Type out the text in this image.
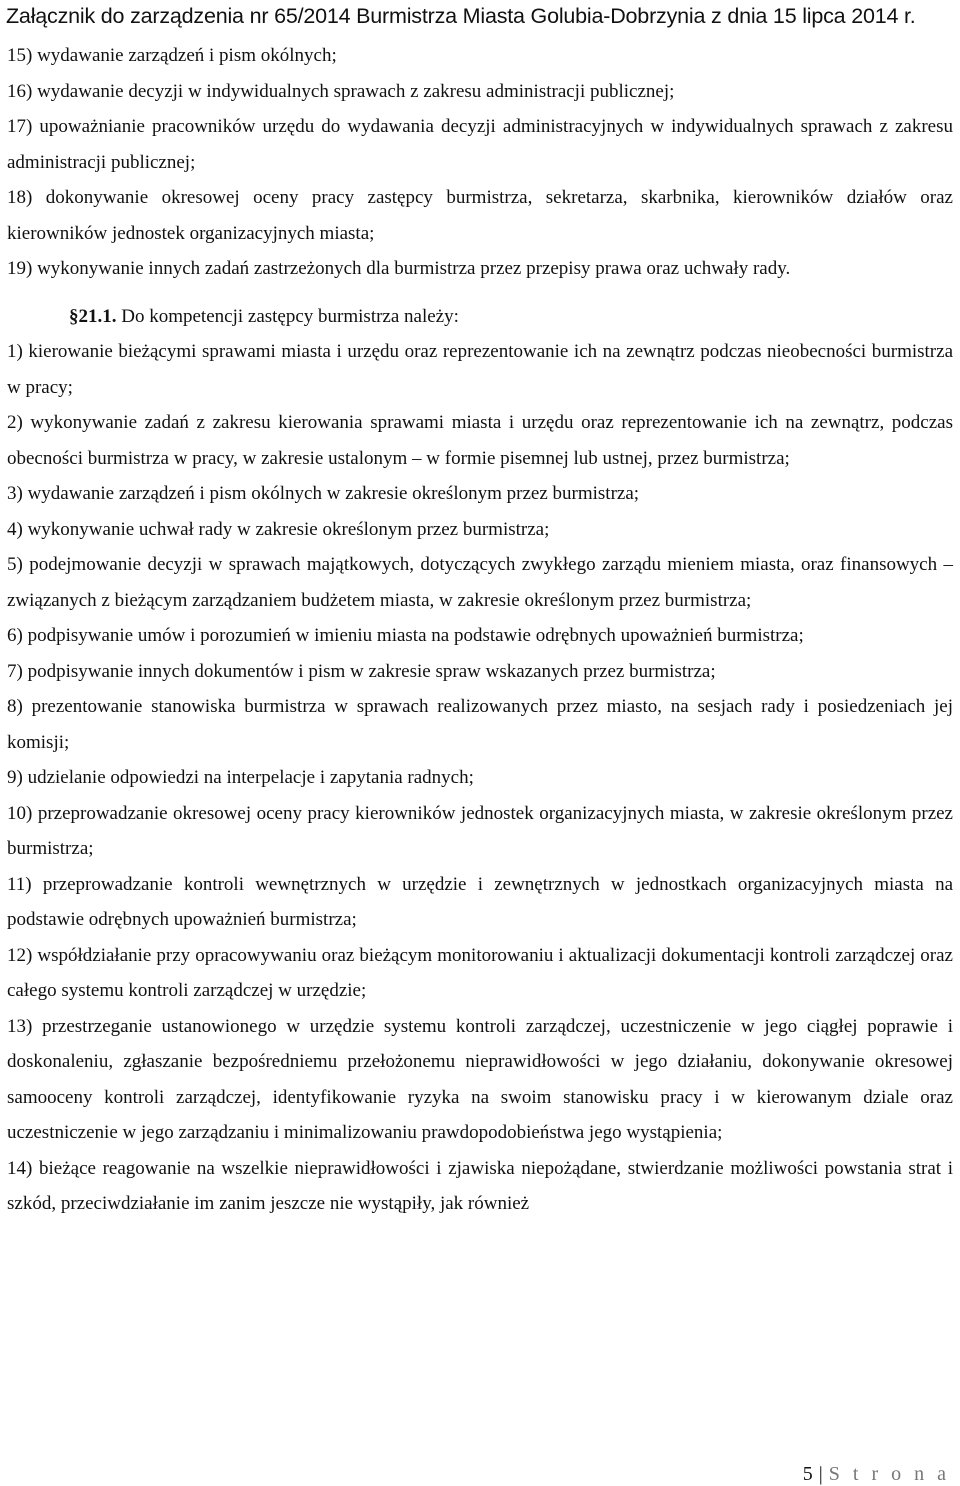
Załącznik do zarządzenia nr 65/2014 Burmistrza Miasta Golubia-Dobrzynia z dnia 15 lipca 2014 r.

15) wydawanie zarządzeń i pism okólnych;

16) wydawanie decyzji w indywidualnych sprawach z zakresu administracji publicznej;

17) upoważnianie pracowników urzędu do wydawania decyzji administracyjnych w indywidualnych sprawach z zakresu administracji publicznej;

18) dokonywanie okresowej oceny pracy zastępcy burmistrza, sekretarza, skarbnika, kierowników działów oraz kierowników jednostek organizacyjnych miasta;

19) wykonywanie innych zadań zastrzeżonych dla burmistrza przez przepisy prawa oraz uchwały rady.

§21.1. Do kompetencji zastępcy burmistrza należy:

1) kierowanie bieżącymi sprawami miasta i urzędu oraz reprezentowanie ich na zewnątrz podczas nieobecności burmistrza w pracy;

2) wykonywanie zadań z zakresu kierowania sprawami miasta i urzędu oraz reprezentowanie ich na zewnątrz, podczas obecności burmistrza w pracy, w zakresie ustalonym – w formie pisemnej lub ustnej, przez burmistrza;

3) wydawanie zarządzeń i pism okólnych w zakresie określonym przez burmistrza;

4) wykonywanie uchwał rady w zakresie określonym przez burmistrza;

5) podejmowanie decyzji w sprawach majątkowych, dotyczących zwykłego zarządu mieniem miasta, oraz finansowych – związanych z bieżącym zarządzaniem budżetem miasta, w zakresie określonym przez burmistrza;

6) podpisywanie umów i porozumień w imieniu miasta na podstawie odrębnych upoważnień burmistrza;

7) podpisywanie innych dokumentów i pism w zakresie spraw wskazanych przez burmistrza;

8) prezentowanie stanowiska burmistrza w sprawach realizowanych przez miasto, na sesjach rady i posiedzeniach jej komisji;

9) udzielanie odpowiedzi na interpelacje i zapytania radnych;

10) przeprowadzanie okresowej oceny pracy kierowników jednostek organizacyjnych miasta, w zakresie określonym przez burmistrza;

11) przeprowadzanie kontroli wewnętrznych w urzędzie i zewnętrznych w jednostkach organizacyjnych miasta na podstawie odrębnych upoważnień burmistrza;

12) współdziałanie przy opracowywaniu oraz bieżącym monitorowaniu i aktualizacji dokumentacji kontroli zarządczej oraz całego systemu kontroli zarządczej w urzędzie;

13) przestrzeganie ustanowionego w urzędzie systemu kontroli zarządczej, uczestniczenie w jego ciągłej poprawie i doskonaleniu, zgłaszanie bezpośredniemu przełożonemu nieprawidłowości w jego działaniu, dokonywanie okresowej samooceny kontroli zarządczej, identyfikowanie ryzyka na swoim stanowisku pracy i w kierowanym dziale oraz uczestniczenie w jego zarządzaniu i minimalizowaniu prawdopodobieństwa jego wystąpienia;

14) bieżące reagowanie na wszelkie nieprawidłowości i zjawiska niepożądane, stwierdzanie możliwości powstania strat i szkód, przeciwdziałanie im zanim jeszcze nie wystąpiły, jak również

5 | S t r o n a
